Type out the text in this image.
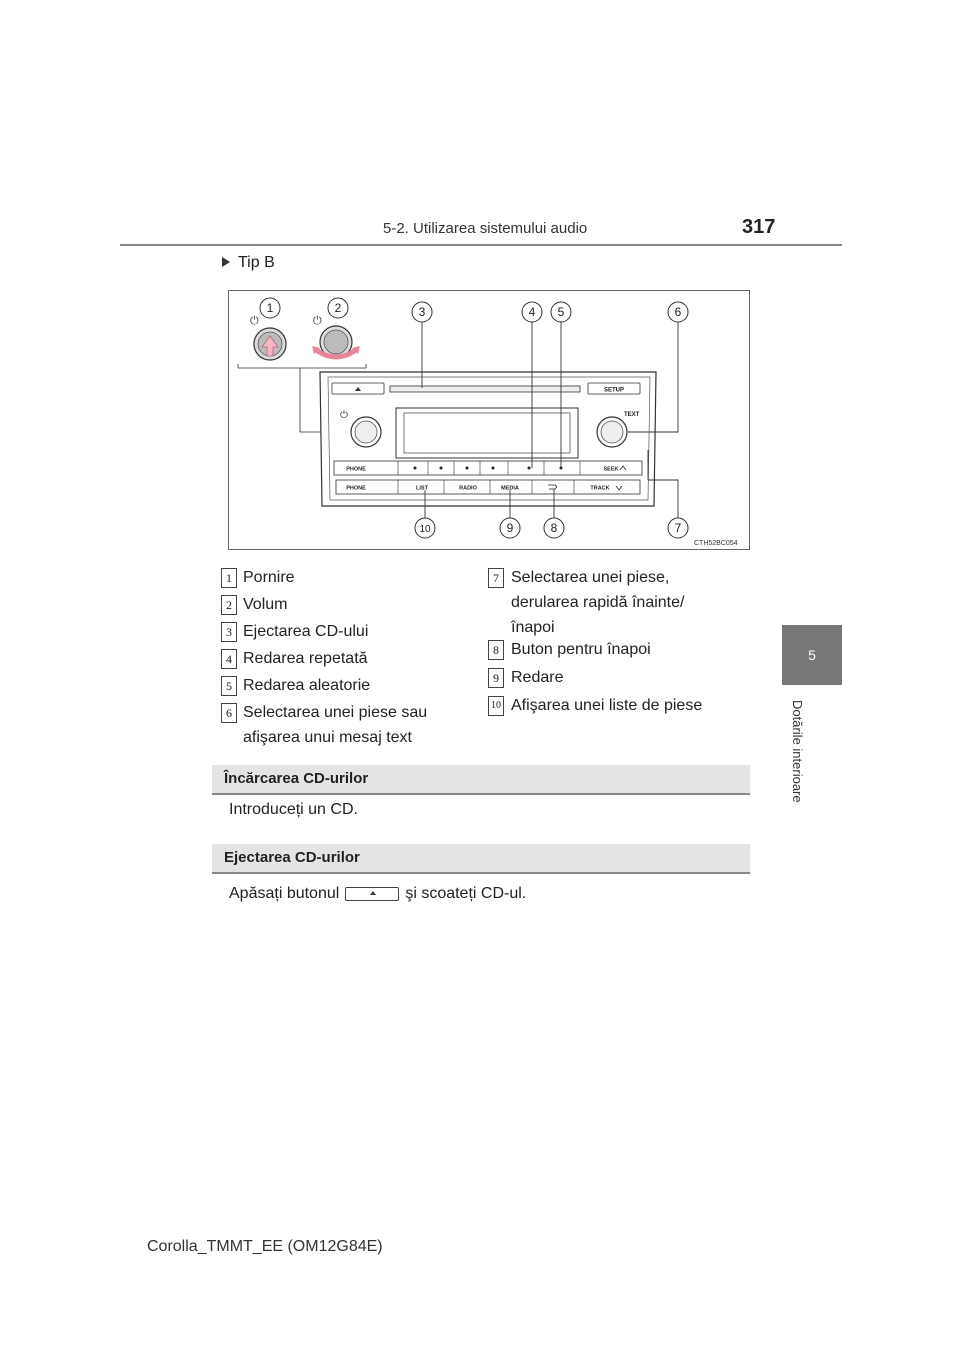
5-2. Utilizarea sistemului audio	317
5
Dotările interioare
Tip B
⏻	⏻
SETUP
⏻	TEXT
PHONE	SEEK
PHONE	LIST	RADIO	MEDIA	TRACK
1	2	3	4 5	6
7
8
9
10
CTH52BC054
1 Pornire
2 Volum
3 Ejectarea CD-ului
4 Redarea repetată
5 Redarea aleatorie
6 Selectarea unei piese sau
afişarea unui mesaj text
7 Selectarea unei piese,
derularea rapidă înainte/
înapoi
8 Buton pentru înapoi
9 Redare
10 Afişarea unei liste de piese
Încărcarea CD-urilor
Introduceți un CD.
Ejectarea CD-urilor
Apăsați butonul	şi scoateți CD-ul.
Corolla_TMMT_EE (OM12G84E)
